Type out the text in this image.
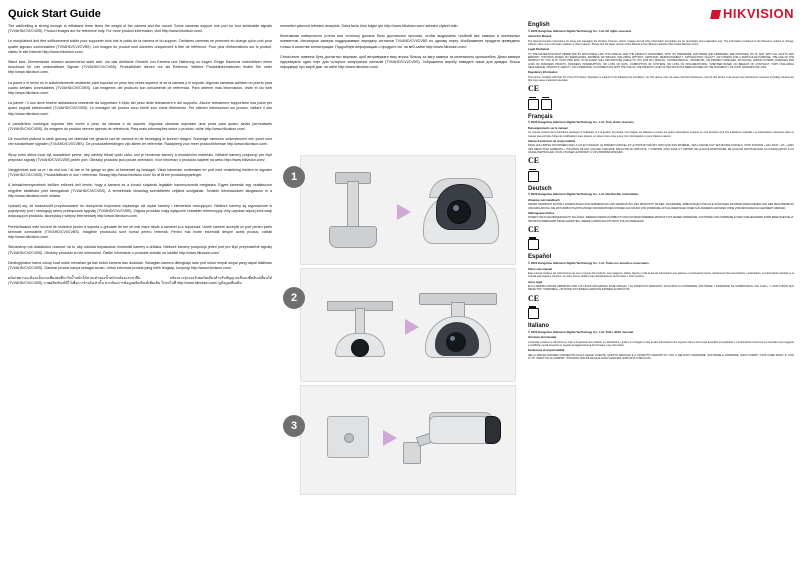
Quick Start Guide	HIKVISION

The wall/ceiling is strong enough to withstand three times the weight of the camera and the mount. Some cameras support one port for four switchable signals (TVI/AHD/CVI/CVBS). Product images are for reference only. For more product information, visit http://www.hikvision.com/.

Le mur/plafond doit être suffisamment solide pour supporter trois fois le poids de la caméra et du support. Certaines caméras ne prennent en charge qu'un port pour quatre signaux commutables (TVI/AHD/CVI/CVBS). Les images du produit sont données uniquement à titre de référence. Pour plus d'informations sur le produit, visitez le site Internet http://www.hikvision.com/.

Wand bzw. Zimmerdecke müssen ausreichend stark sein, um das dreifache Gewicht von Kamera und Halterung zu tragen. Einige Kameras unterstützen einen Anschluss für vier umschaltbare Signale (TVI/AHD/CVI/CVBS). Produktbilder dienen nur als Referenz. Weitere Produktinformationen finden Sie unter http://www.hikvision.com/.

La pared o el techo es lo suficientemente resistente para soportar un peso tres veces superior al de la cámara y el soporte. Algunas cámaras admiten un puerto para cuatro señales conmutables (TVI/AHD/CVI/CVBS). Las imágenes del producto son únicamente de referencia. Para obtener más información, visite el sio web http://www.hikvision.com/.

La parete / il soo deve essere abbastanza resistente da sopportare il triplo del peso della telecamera e del supporto. Alcune telecamere supportano una porta per quaro segnali selezionabili (TVI/AHD/CVI/CVBS). Le immagini del prodoo sono forniti solo come riferimento. Per ulteriori informazioni sul prodoo, visitare il sito http://www.hikvision.com/.

A parede/teto consegue suportar três vezes o peso da câmara e do suporte. Algumas câmaras suportam uma porta para quatro sinais permutáveis (TVI/AHD/CVI/CVBS). As imagens do produto servem apenas de referência. Para mais informações sobre o produto, visite http://www.hikvision.com/.

De muur/het plafond is sterk genoeg om driemaal het gewicht van de camera en de bevesging te kunnen dragen. Sommige camera's ondersteunen één poort voor vier schakelbare signalen (TVI/AHD/CVI/CVBS). De productafbeeldingen zijn alleen ter referentie. Raadpleeg voor meer productinformae http://www.hikvision.com/.

Strop nebo stěna musí být dostatečně pevné, aby udržely třikrát vyšší váhu, než je hmotnost kamery a montážního materiálu. Některé kamery podporují pro čtyři přepínací signály (TVI/AHD/CVI/CVBS) jeden port. Obrázky produktu jsou pouze orientační. Více informací o produktu najdete na webu http://www.hikvision.com/.

Væggen/loet skal va re i de nist nok l at bæ re tre gange so gten af kameraet og beslaget. Visse kameraer understøer en port med omskitning mellem re signaler (TVI/AHD/CVI/CVBS). Produktbilleder er kun i referense. Besøg http://www.hikvision.com/ for at få ere produktoplysninger.

A falnak/mennyezetnek kellően erősnek kell lennie, hogy a kamera és a konzol súlyának legalább háromszorosát megtartsa. Egyes kamerák egy csatlakozón négyféle átváltható jelet támogatnak (TVI/AHD/CVI/CVBS). A termékfotók kizárólag szemléltetés céljából szolgálnak. További információkért látogasson el a http://www.hikvision.com/ oldalra.

Upewnij się, że ściana/sufit przystosowane do obciążenia trzykrotnie większego niż ciężar kamery i elementów mocujących. Niektóre kamery są wyposażone w pojedynczy port i obsługują cztery przełączane sygnały (TVI/AHD/CVI/CVBS). Zdjęcia produktu mają wyłącznie charakter referencyjny. Aby uzyskać więcej informacji dotyczących produktu, skorzystaj z witryny internetowej http://www.hikvision.com/.

Perete/tavanul este sucient de rezistent pentru a suporta o greutate de trei ori mai mare decât a camerei și a suportului. Unele camere acceptă un port pentru patru semnale comutabile (TVI/AHD/CVI/CVBS). Imaginile produsului sunt numai pentru referință. Pentru mai multe informații despre acest produs, vizitați http://www.hikvision.com/.

Stena/strop má dostatočnú nosnosť na to, aby udržala trojnásobok hmotnosti kamery a držiaka. Niektoré kamery podporujú jeden port pre štyri prepínateľné signály (TVI/AHD/CVI/CVBS). Obrázky produktu sú len orientačné. Ďalšie informácie o produkte získate na lokalite http://www.hikvision.com/.

Dinding/plafon harus cukup kuat untuk menahan ga kali bobot kamera dan dudukan. Sebagian kamera dilengkapi satu port untuk empat sinyal yang dapat dialihkan (TVI/AHD/CVI/CVBS). Gambar produk hanya sebagai acuan. Untuk informasi produk yang lebih lengkap, kunjungi http://www.hikvision.com/.

ผนัง/เพดานจะต้องแข็งแรงเพียงพอที่จะรับน้ำหนักได้สามเท่าของน้ำหนักกล้องและขายึด กล้องบางรุ่นรองรับพอร์ตเดียวสำหรับสัญญาณสี่แบบที่สลับเปลี่ยนได้ (TVI/AHD/CVI/CVBS) ภาพผลิตภัณฑ์มีไว้เพื่อการอ้างอิงเท่านั้น หากต้องการข้อมูลผลิตภัณฑ์เพิ่มเติม โปรดไปที่ http://www.hikvision.com/ ดูข้อมูลเพิ่มเติม

nesnetleri yalnızca referans amaçlıdır. Daha fazla ürün bilgisi için http://www.hikvision.com/ adresini ziyaret edin.

Монтажная поверхность (стена или потолок) должна быть достаточно прочная, чтобы выдержать тройной вес камеры и монтажных элементов. Некоторые камеры поддерживают передачу сигналов TVI/AHD/CVI/CVBS по одному порту. Изображения продукта приведены только в качестве иллюстрации. Подробную информацию о продукте см. на веб-сайте http://www.hikvision.com/.

Стіна/стеля повинна бути достатньо міцними, щоб витримувати вагу втричі більшу за вагу камери та монтажного кронштейна. Деякі камери підтримують один порт для чотирьох комутуючих сигналів (TVI/AHD/CVI/CVBS). Зображення виробу наведені лише для довідки. Більш інформації про виріб див. на сайті http://www.hikvision.com/.

1
2
3
English
© 2020 Hangzhou Hikvision Digital Technology Co., Ltd. All rights reserved.
About this Manual

The Manual includes instructions for using and managing the Product. Pictures, charts, images and all other information hereinafter are for description and explanation only. The information contained in the Manual is subject to change, without notice, due to firmware updates or other reasons. Please find the latest version of this Manual at the Hikvision website (https://www.hikvision.com/).

Legal Disclaimer

TO THE MAXIMUM EXTENT PERMITTED BY APPLICABLE LAW, THIS MANUAL AND THE PRODUCT DESCRIBED, WITH ITS HARDWARE, SOFTWARE AND FIRMWARE, ARE PROVIDED "AS IS" AND "WITH ALL FAULTS AND ERRORS". HIKVISION MAKES NO WARRANTIES, EXPRESS OR IMPLIED, INCLUDING WITHOUT LIMITATION, MERCHANTABILITY, SATISFACTORY QUALITY, OR FITNESS FOR A PARTICULAR PURPOSE. THE USE OF THE PRODUCT BY YOU IS AT YOUR OWN RISK. IN NO EVENT WILL HIKVISION BE LIABLE TO YOU FOR ANY SPECIAL, CONSEQUENTIAL, INCIDENTAL, OR INDIRECT DAMAGES, INCLUDING, AMONG OTHERS, DAMAGES FOR LOSS OF BUSINESS PROFITS, BUSINESS INTERRUPTION, OR LOSS OF DATA, CORRUPTION OF SYSTEMS, OR LOSS OF DOCUMENTATION, WHETHER BASED ON BREACH OF CONTRACT, TORT (INCLUDING NEGLIGENCE), PRODUCT LIABILITY, OR OTHERWISE, IN CONNECTION WITH THE USE OF THE PRODUCT, EVEN IF HIKVISION HAS BEEN ADVISED OF THE POSSIBILITY OF SUCH DAMAGES OR LOSS.

Regulatory Information

This device complies with Part 15 of the FCC Rules. Operation is subject to the following two conditions: (1) This device may not cause harmful interference, and (2) this device must accept any interference received, including interference that may cause undesired operation.

CE

Français
© 2020 Hangzhou Hikvision Digital Technology Co., Ltd. Tous droits réservés.
Renseignements sur le manuel

Ce manuel contient des instructions destinées à l'utilisation et à la gestion du produit. Les images, les tableaux et toutes les autres informations ci-après ne sont données qu'à titre indicatif et explicatif. Les informations contenues dans ce manuel peuvent faire l'objet de modifications sans préavis, en raison d'une mise à jour d'un micrologiciel ou pour d'autres raisons.

Clause d'exclusion de responsabilité

DANS LES LIMITES AUTORISÉES PAR LA LOI EN VIGUEUR, LE PRÉSENT MANUEL ET LE PRODUIT DÉCRIT, AINSI QUE SON MATÉRIEL, SES LOGICIELS ET SES MICROLOGICIELS, SONT FOURNIS « EN L'ÉTAT » ET « AVEC CES DÉFAUTS ET ERREURS ». HIKVISION NE FAIT AUCUNE GARANTIE, EXPLICITE OU IMPLICITE, Y COMPRIS, MAIS SANS S'Y LIMITER, DE QUALITÉ MARCHANDE, DE QUALITÉ SATISFAISANTE OU D'ADÉQUATION À UN USAGE PARTICULIER. VOUS UTILISEZ LE PRODUIT À VOS PROPRES RISQUES.

CE
Deutsch
© 2020 Hangzhou Hikvision Digital Technology Co., Ltd. Alle Rechte vorbehalten.
Hinweise zum Handbuch

DIESES HANDBUCH ENTHÄLT ANWEISUNGEN ZUR VERWENDUNG UND VERWALTUNG DES PRODUKTS. BILDER, DIAGRAMME, ABBILDUNGEN UND ALLE SONSTIGEN INFORMATIONEN DIENEN NUR DER BESCHREIBUNG UND ERKLÄRUNG. DIE IM HANDBUCH ENTHALTENEN INFORMATIONEN KÖNNEN AUFGRUND VON FIRMWARE-AKTUALISIERUNGEN ODER AUS ANDEREN GRÜNDEN OHNE VORANKÜNDIGUNG GEÄNDERT WERDEN.

Haftungsausschluss

SOWEIT NACH GELTENDEM RECHT ZULÄSSIG, WERDEN DIESES HANDBUCH UND DAS BESCHRIEBENE PRODUKT MIT SEINER HARDWARE, SOFTWARE UND FIRMWARE IN DER VORLIEGENDEN FORM BEREITGESTELLT. HIKVISION ÜBERNIMMT KEINE GARANTIEN, WEDER AUSDRÜCKLICH NOCH STILLSCHWEIGEND.

CE
Español
© 2020 Hangzhou Hikvision Digital Technology Co., Ltd. Todos los derechos reservados.
Sobre este manual

Este manual contiene las instrucciones de uso y manejo del producto. Las imágenes, tablas, figuras y toda la demás información que aparece a continuación tienen únicamente fines descriptivos y aclaratorios. La información incluida en el manual está sujeta a cambios, sin aviso previo, debido a las actualizaciones de firmware u otros motivos.

Aviso legal

EN LA MEDIDA MÁXIMA PERMITIDA POR LAS LEYES APLICABLES, ESTE MANUAL Y EL PRODUCTO DESCRITO, INCLUIDOS SU HARDWARE, SOFTWARE Y FIRMWARE, SE SUMINISTRAN «TAL CUAL» Y «CON TODOS SUS DEFECTOS Y ERRORES». HIKVISION NO OFRECE GARANTÍA EXPRESA NI IMPLÍCITA.

CE
Italiano
© 2020 Hangzhou Hikvision Digital Technology Co., Ltd. Tutti i diritti riservati.
Istruzioni del manuale

Il manuale contiene le istruzioni per l'uso e la gestione del prodotto. Le illustrazioni, i grafici, le immagini e tutte le altre informazioni che seguono hanno solo scopi descrittivi ed esplicativi. Le informazioni contenute nel manuale sono soggette a modifiche senza preavviso in seguito ad aggiornamenti del firmware o per altri motivi.

Esclusione di responsabilità

NELLA MISURA MASSIMA CONSENTITA DALLA LEGGE VIGENTE, QUESTO MANUALE E IL PRODOTTO DESCRITTO, CON IL RELATIVO HARDWARE, SOFTWARE E FIRMWARE, SONO FORNITI "COSÌ COME SONO" E "CON TUTTI I DIFETTI E GLI ERRORI". HIKVISION NON RILASCIA ALCUNA GARANZIA, ESPLICITA O IMPLICITA.
